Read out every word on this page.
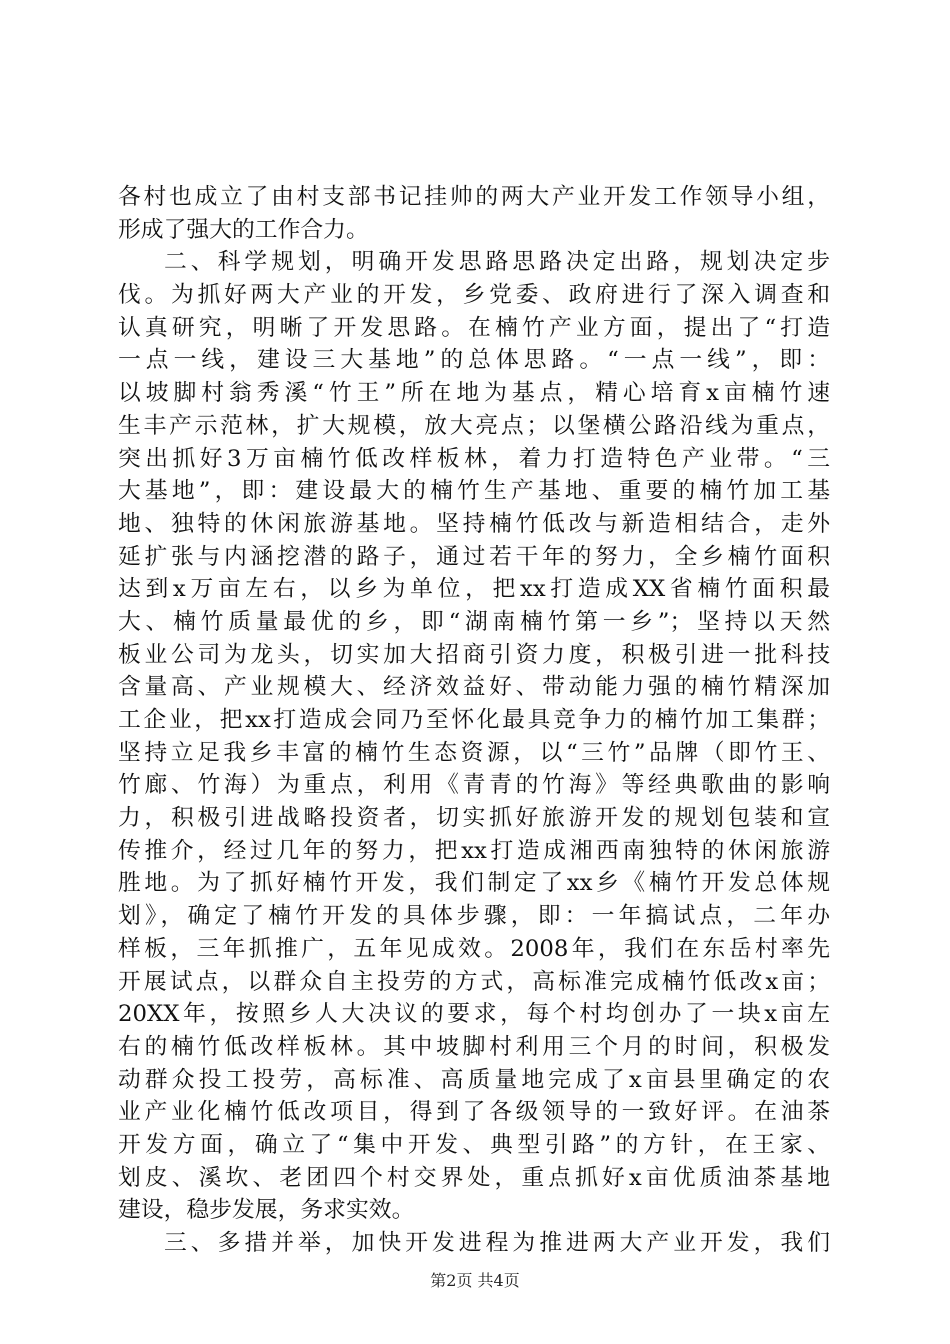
各村也成立了由村支部书记挂帅的两大产业开发工作领导小组，
形成了强大的工作合力。
二、科学规划，明确开发思路思路决定出路，规划决定步
伐。为抓好两大产业的开发，乡党委、政府进行了深入调查和
认真研究，明晰了开发思路。在楠竹产业方面，提出了“打造
一点一线，建设三大基地”的总体思路。“一点一线”，即：
以坡脚村翁秀溪“竹王”所在地为基点，精心培育x亩楠竹速
生丰产示范林，扩大规模，放大亮点；以堡横公路沿线为重点，
突出抓好3万亩楠竹低改样板林，着力打造特色产业带。“三
大基地”，即：建设最大的楠竹生产基地、重要的楠竹加工基
地、独特的休闲旅游基地。坚持楠竹低改与新造相结合，走外
延扩张与内涵挖潜的路子，通过若干年的努力，全乡楠竹面积
达到x万亩左右，以乡为单位，把xx打造成XX省楠竹面积最
大、楠竹质量最优的乡，即“湖南楠竹第一乡”；坚持以天然
板业公司为龙头，切实加大招商引资力度，积极引进一批科技
含量高、产业规模大、经济效益好、带动能力强的楠竹精深加
工企业，把xx打造成会同乃至怀化最具竞争力的楠竹加工集群；
坚持立足我乡丰富的楠竹生态资源，以“三竹”品牌（即竹王、
竹廊、竹海）为重点，利用《青青的竹海》等经典歌曲的影响
力，积极引进战略投资者，切实抓好旅游开发的规划包装和宣
传推介，经过几年的努力，把xx打造成湘西南独特的休闲旅游
胜地。为了抓好楠竹开发，我们制定了xx乡《楠竹开发总体规
划》，确定了楠竹开发的具体步骤，即：一年搞试点，二年办
样板，三年抓推广，五年见成效。2008年，我们在东岳村率先
开展试点，以群众自主投劳的方式，高标准完成楠竹低改x亩；
20XX年，按照乡人大决议的要求，每个村均创办了一块x亩左
右的楠竹低改样板林。其中坡脚村利用三个月的时间，积极发
动群众投工投劳，高标准、高质量地完成了x亩县里确定的农
业产业化楠竹低改项目，得到了各级领导的一致好评。在油茶
开发方面，确立了“集中开发、典型引路”的方针，在王家、
划皮、溪坎、老团四个村交界处，重点抓好x亩优质油茶基地
建设，稳步发展，务求实效。
三、多措并举，加快开发进程为推进两大产业开发，我们
第2页 共4页
